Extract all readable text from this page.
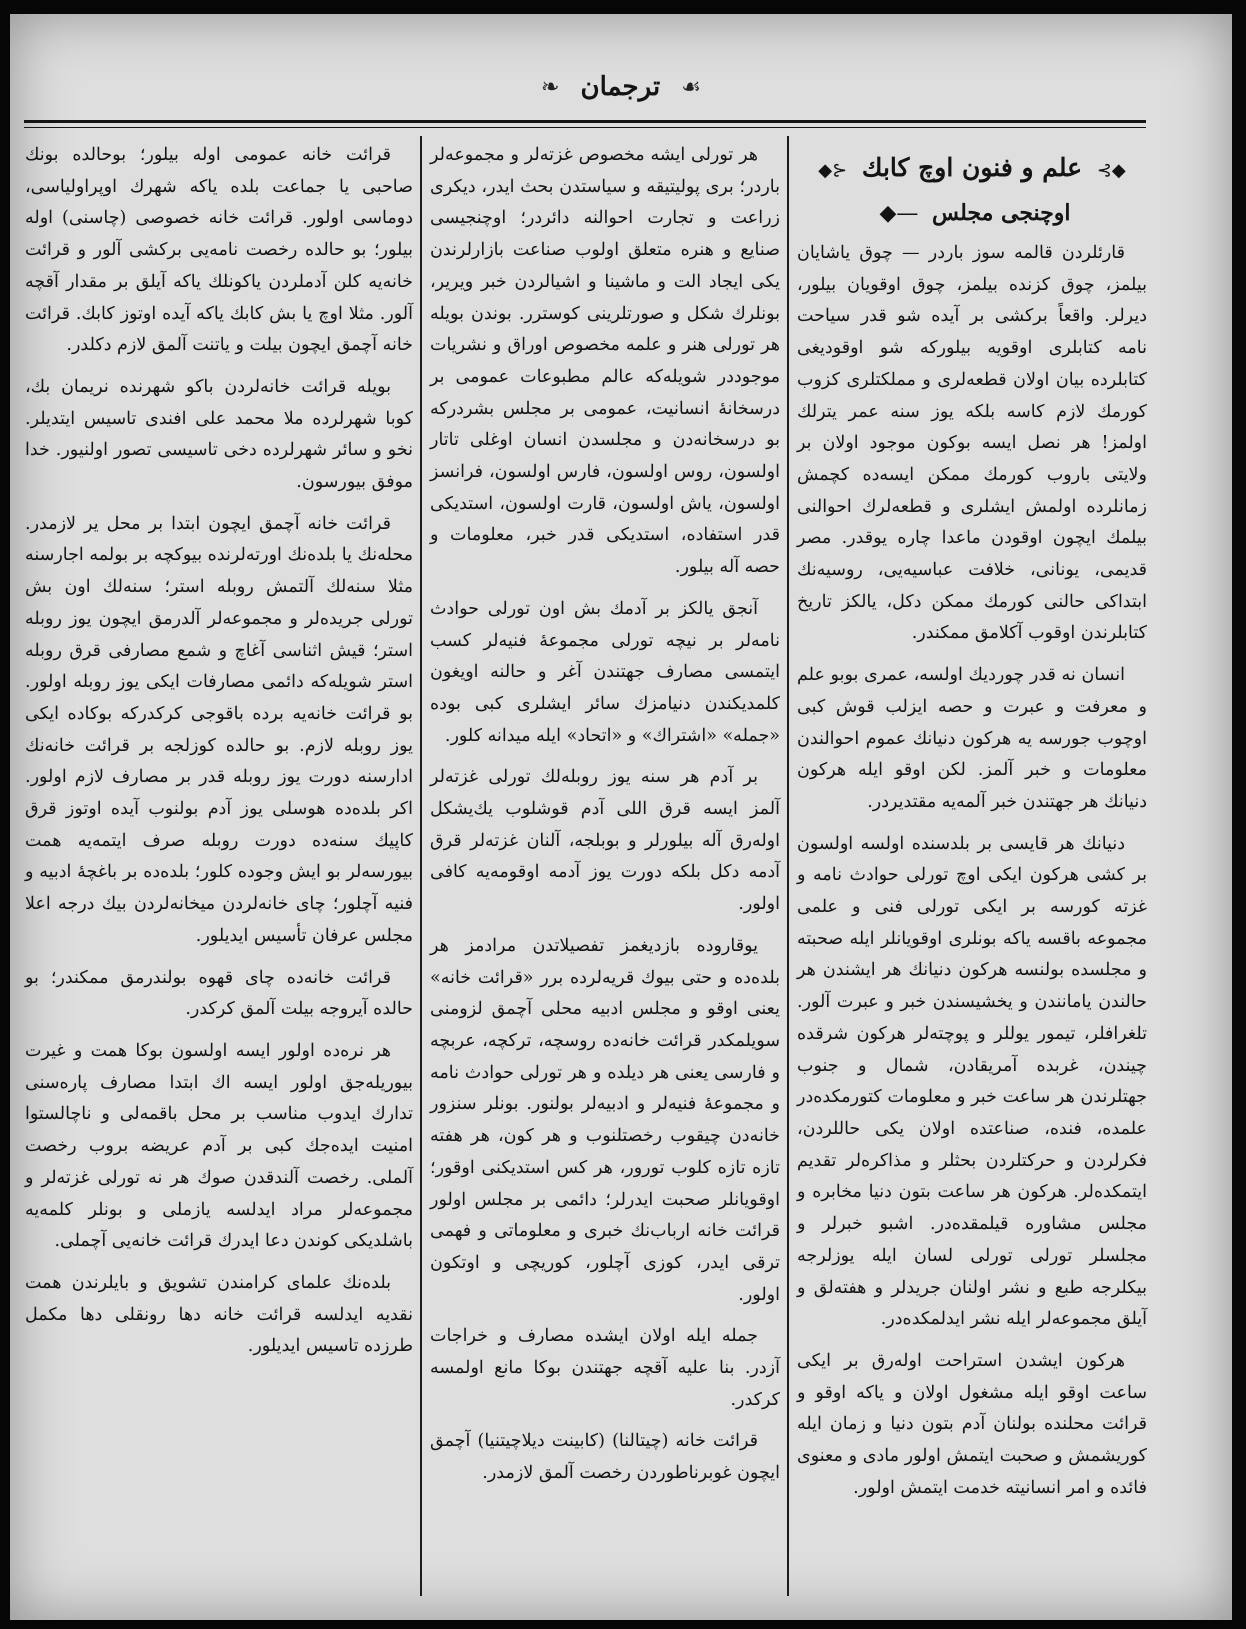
☙ ترجمان ❧
◆⊱ علم و فنون اوچ کابك ⊰◆
اوچنجی مجلس —◆

قارئلردن قالمه سوز باردر — چوق یاشا‌یان بیلمز، چوق کزنده بیلمز، چوق اوقو‌یان بیلور، دیرلر. واقعاً برکشی بر آیده شو قدر سیاحت نامه کتابلری اوقویه بیلورکه شو اوقودیغی کتابلرده بیان اولان قطعه‌لری و مملکتلری کزوب کورمك لازم کاسه بلکه یوز سنه عمر یترلك اولمز! هر نصل ایسه بوکون موجود اولان بر ولایتی باروب کورمك ممکن ایسه‌ده کچمش زمانلرده اولمش ایشلری و قطعه‌لرك احوالنی بیلمك ایچون اوقودن ماعدا چاره یوقدر. مصر قدیمی، یونانی، خلافت عباسیه‌یی، رو‌سیه‌نك ابتداکی حالنی کورمك ممکن دکل، یالکز تاریخ کتابلرندن اوقوب آکلامق ممکندر.

انسان نه قدر چوردیك اولسه، عمری بوبو علم و معرفت و عبرت و حصه ایزلب قوش کبی اوچوب جورسه یه هرکون دنیانك عموم احوالندن معلومات و خبر آلمز. لکن اوقو ایله هرکون دنیانك هر جهتندن خبر آلمه‌یه مقتدیردر.

دنیانك هر قایسی بر بلدسنده اولسه او‌لسون بر کشی هرکون ایکی اوچ تورلی حوادث نامه و غزته کورسه بر ایکی تورلی فنی و علمی مجموعه باقسه یاکه بونلری اوقویانلر ایله صحبته و مجلسده بولنسه هرکون دنیانك هر ایشندن هر حالندن یامانندن و یخشیسندن خبر و عبرت آلور. تلغرافلر، تیمور یوللر و پوچته‌لر هرکون شرقده چیندن، غربده آمر‌یقادن، شمال و جنوب جهتلرندن هر ساعت خبر و معلومات کتورمکده‌در علمده، فنده، صناعتده اولان یکی حاللردن، فکرلردن و حر‌کتلردن بحثلر و مذاکره‌لر تقدیم ایتمکده‌لر. هرکون هر ساعت بتون دنیا مخابره و مجلس مشاوره قیلمقده‌در. اشبو خبرلر و مجلسلر تورلی تورلی لسان ایله یوزلرجه بیکلرجه طبع و نشر اولنان جریدلر و هفته‌لق و آیلق مجموعه‌لر ایله نشر ایدلمکده‌در.

هرکون ایشدن استراحت اوله‌رق بر ایکی ساعت اوقو ایله مشغول اولان و یاکه اوقو و قرائت محلنده بولنان آدم بتون دنیا و زمان ایله کوریشمش و صحبت ایتمش اولور مادی و معنوی فائده و امر انسانیته خدمت ایتمش اولور.

هر تورلی ایشه مخصوص غزته‌لر و مجمو‌عه‌لر باردر؛ بری پولیتیقه و سیاستدن بحث ایدر، دیکری زراعت و تجارت احوالنه دائردر؛ او‌چنجیسی صنایع و هنره متعلق اولوب صنا‌عت بازارلرندن یکی ایجاد الت و ماشینا و اشیا‌لردن خبر ویریر، بونلرك شکل و صورتلرینی کوسترر. بوندن بویله هر تورلی هنر و علمه مخصوص اوراق و نشریات موجوددر شویله‌که عالم مطبوعات عمومی بر درسخانهٔ انسا‌نیت، عمومی بر مجلس بشردرکه بو درسخانه‌دن و مجلسدن انسان اوغلی تاتار اولسون، روس اولسون، فارس اولسون، فرانسز او‌لسون، یاش اولسون، قارت اولسون، استدیکی قدر استفاده، استدیکی قدر خبر، معلومات و حصه آله بیلور.

آنجق یالکز بر آدمك بش اون تورلی حوادث نامه‌لر بر نیچه تورلی مجموعهٔ فنیه‌لر کسب ایتمسی مصارف جهتندن آغر و حا‌لنه اویغون کلمدیکندن دنیامزك سائر ایشلری کبی بوده «جمله» «اشتراك» و «اتحاد» ایله میدانه کلور.

بر آدم هر سنه یوز روبله‌لك تورلی غزته‌لر آلمز ایسه قرق اللی آدم قوشلوب یك‌یشکل اوله‌رق آله بیلورلر و بوبلجه، آلنان غزته‌لر قرق آدمه دکل بلکه دورت یوز آدمه اوقومه‌یه کافی اولور.

یوقاروده بازدیغمز تفصیلاتدن مرادمز هر بلده‌ده و حتی بیوك قریه‌لرده برر «قرائت خانه» یعنی اوقو و مجلس ادبیه محلی آچمق لزومنی سویلمکدر قرائت خانه‌ده روسچه، ترکچه، عربچه و فارسی یعنی هر دیلده و هر تورلی حوادث نامه و مجموعهٔ فنیه‌لر و ادبیه‌لر بولنور. بو‌نلر سنزور خانه‌دن چیقوب رخصتلنوب و هر کون، هر هفته تازه تازه کلوب تورور، هر کس استدیکنی اوقور؛ اوقویانلر صحبت ایدر‌لر؛ دائمی بر مجلس اولور قرائت خانه ارباب‌نك خبری و معلوماتی و فهمی ترقی ایدر، کوزی آچلور، کوریچی و اوتکون اولور.

جمله ایله اولان ایشده مصارف و خراجات آزدر. بنا علیه آقچه جهتندن بوکا مانع او‌لمسه کرکدر.

قرائت خانه (چیتالنا) (کابینت دیلاچیتنیا) آچمق ایچون غوبرناطوردن رخصت آلمق لازمدر.

قرائت خانه عمومی اوله بیلور؛ بوحالده بونك صاحبی یا جماعت بلده یاکه شهرك او‌پراولیاسی، دوماسی اولور. قرائت خانه خصوصی (چاسنی) اوله بیلور؛ بو حالده رخصت نامه‌یی برکشی آلور و قرائت خانه‌یه کلن آدملردن یاکونلك یاکه آیلق بر مقدار آقچه آلور. مثلا اوچ یا بش کابك یاکه آیده اوتوز کابك. قرائت خانه آچمق ایچون بیلت و یاتنت آلمق لازم دکلدر.

بویله قرائت خانه‌لردن باکو شهرنده نر‌یمان بك، کوبا شهرلرده ملا محمد علی افندی تاسیس ایتدیلر. نخو و سائر شهرلرده دخی تا‌سیسی تصور اولنیور. خدا موفق بیورسون.

قرائت خانه آچمق ایچون ابتدا بر محل یر لازمدر. محله‌نك یا بلده‌نك اورته‌لرنده بیوکچه بر بولمه اجارسنه مثلا سنه‌لك آلتمش روبله استر؛ سنه‌لك اون بش تورلی جریده‌لر و مجموعه‌لر آلدرمق ایچون یوز روبله استر؛ قیش اثناسی آغاچ و شمع مصارفی قرق رو‌بله استر شویله‌که دائمی مصارفات ایکی یوز روبله اولور. بو قرائت خانه‌یه برده باقوجی کرکدرکه بوکاده ایکی یوز روبله لازم. بو حا‌لده کوزلجه بر قرائت خانه‌نك ادارسنه دورت یوز روبله قدر بر مصارف لازم اولور. اکر بلده‌ده هوسلی یوز آدم بولنوب آیده اوتوز قرق کاپیك سنه‌ده دورت روبله صرف ایتمه‌یه همت بیورسه‌لر بو ایش وجوده کلور؛ بلده‌ده بر باغچهٔ ادبیه و فنیه آچلور؛ چای خا‌نه‌لردن میخانه‌لردن بیك درجه اعلا مجلس عرفان تأسیس ایدیلور.

قرائت خانه‌ده چای قهوه بولندرمق ممکندر؛ بو حالده آیروجه بیلت آلمق کرکدر.

هر نره‌ده اولور ایسه اولسون بوکا همت و غیرت بیوریله‌جق اولور ایسه اك ابتدا مصارف پاره‌سنی تدارك ایدوب مناسب بر محل باقمه‌لی و ناچالستوا امنیت ایده‌جك کبی بر آدم عریضه بروب رخصت آلملی. رخصت آلندقدن صوك هر نه تورلی غزته‌لر و مجمو‌عه‌لر مراد ایدلسه یازملی و بونلر کلمه‌یه با‌شلدیکی کوندن دعا ایدرك قرائت خانه‌یی آچملی.

بلده‌نك علمای کرامندن تشویق و بایلرندن همت نقدیه ایدلسه قرائت خانه دها رونقلی دها مکمل طرزده تاسیس ایدیلور.
